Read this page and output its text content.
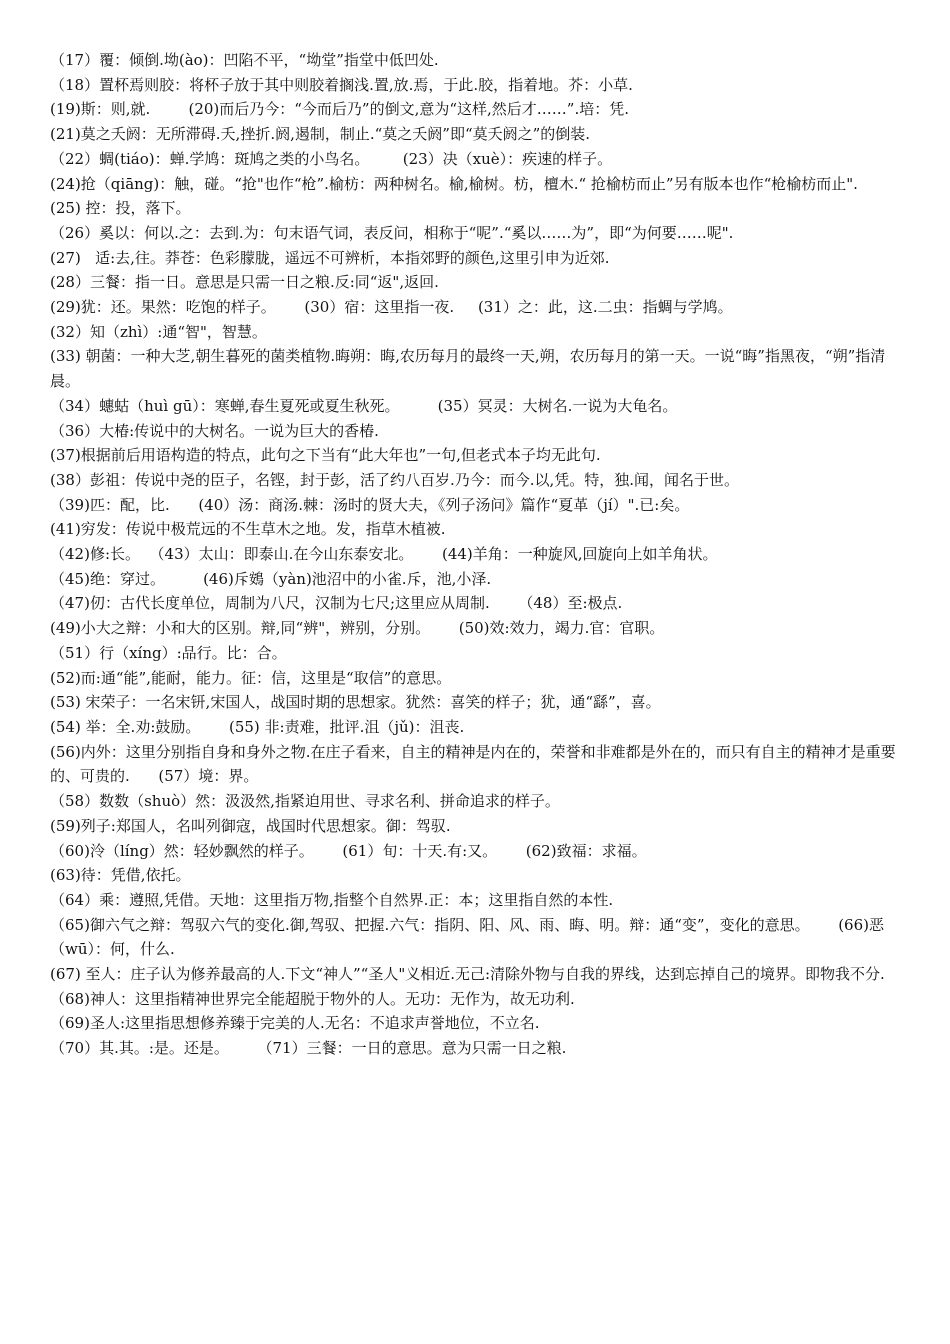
（17）覆：倾倒.坳(ào)：凹陷不平，“坳堂”指堂中低凹处.

（18）置杯焉则胶：将杯子放于其中则胶着搁浅.置,放.焉，于此.胶，指着地。芥：小草.

(19)斯：则,就.        (20)而后乃今：“今而后乃”的倒文,意为“这样,然后才……”.培：凭.

(21)莫之夭阏：无所滞碍.夭,挫折.阏,遏制，制止.“莫之夭阏”即“莫夭阏之”的倒装.

（22）蜩(tiáo)：蝉.学鸠：斑鸠之类的小鸟名。       (23）决（xuè）：疾速的样子。

(24)抢（qiāng)：触，碰。“抢"也作“枪”.榆枋：两种树名。榆,榆树。枋，檀木.“ 抢榆枋而止”另有版本也作“枪榆枋而止".        (25) 控：投，落下。

（26）奚以：何以.之：去到.为：句末语气词，表反问，相称于“呢”.“奚以……为”，即“为何要……呢".

(27)   适:去,往。莽苍：色彩朦胧，遥远不可辨析，本指郊野的颜色,这里引申为近郊.

(28）三餐：指一日。意思是只需一日之粮.反:同“返",返回.

(29)犹：还。果然：吃饱的样子。      (30）宿：这里指一夜.     (31）之：此，这.二虫：指蜩与学鸠。

(32）知（zhì）:通“智"，智慧。

(33) 朝菌：一种大芝,朝生暮死的菌类植物.晦朔：晦,农历每月的最终一天,朔，农历每月的第一天。一说“晦”指黑夜，“朔”指清晨。

（34）蟪蛄（huì gū）：寒蝉,春生夏死或夏生秋死。        (35）冥灵：大树名.一说为大龟名。

（36）大椿:传说中的大树名。一说为巨大的香椿.

(37)根据前后用语构造的特点，此句之下当有“此大年也”一句,但老式本子均无此句.

(38）彭祖：传说中尧的臣子，名铿，封于彭，活了约八百岁.乃今：而今.以,凭。特，独.闻，闻名于世。

（39)匹：配，比.      (40）汤：商汤.棘：汤时的贤大夫，《列子汤问》篇作“夏革（jí）".已:矣。

(41)穷发：传说中极荒远的不生草木之地。发，指草木植被.

（42)修:长。  （43）太山：即泰山.在今山东泰安北。      (44)羊角：一种旋风,回旋向上如羊角状。

（45)绝：穿过。        (46)斥鴳（yàn)池沼中的小雀.斥，池,小泽.

（47)仞：古代长度单位，周制为八尺，汉制为七尺;这里应从周制.      （48）至:极点.

(49)小大之辩：小和大的区别。辩,同“辨"，辨别，分别。      (50)效:效力，竭力.官：官职。

（51）行（xíng）:品行。比：合。

(52)而:通“能”,能耐，能力。征：信，这里是“取信”的意思。

(53) 宋荣子：一名宋钘,宋国人，战国时期的思想家。犹然：喜笑的样子；犹，通“繇”，喜。

(54) 举：全.劝:鼓励。      (55) 非:责难，批评.沮（jǔ)：沮丧.

(56)内外：这里分别指自身和身外之物.在庄子看来，自主的精神是内在的，荣誉和非难都是外在的，而只有自主的精神才是重要的、可贵的.      (57）境：界。

（58）数数（shuò）然：汲汲然,指紧迫用世、寻求名利、拼命追求的样子。

(59)列子:郑国人，名叫列御寇，战国时代思想家。御：驾驭.

（60)泠（líng）然：轻妙飘然的样子。      (61）旬：十天.有:又。      (62)致福：求福。

(63)待：凭借,依托。

（64）乘：遵照,凭借。天地：这里指万物,指整个自然界.正：本；这里指自然的本性.

（65)御六气之辩：驾驭六气的变化.御,驾驭、把握.六气：指阴、阳、风、雨、晦、明。辩：通“变”，变化的意思。      (66)恶（wū）：何，什么.

(67) 至人：庄子认为修养最高的人.下文“神人”“圣人"义相近.无己:清除外物与自我的界线，达到忘掉自己的境界。即物我不分.

（68)神人：这里指精神世界完全能超脱于物外的人。无功：无作为，故无功利.

（69)圣人:这里指思想修养臻于完美的人.无名：不追求声誉地位，不立名.

（70）其.其。:是。还是。      （71）三餐：一日的意思。意为只需一日之粮.
